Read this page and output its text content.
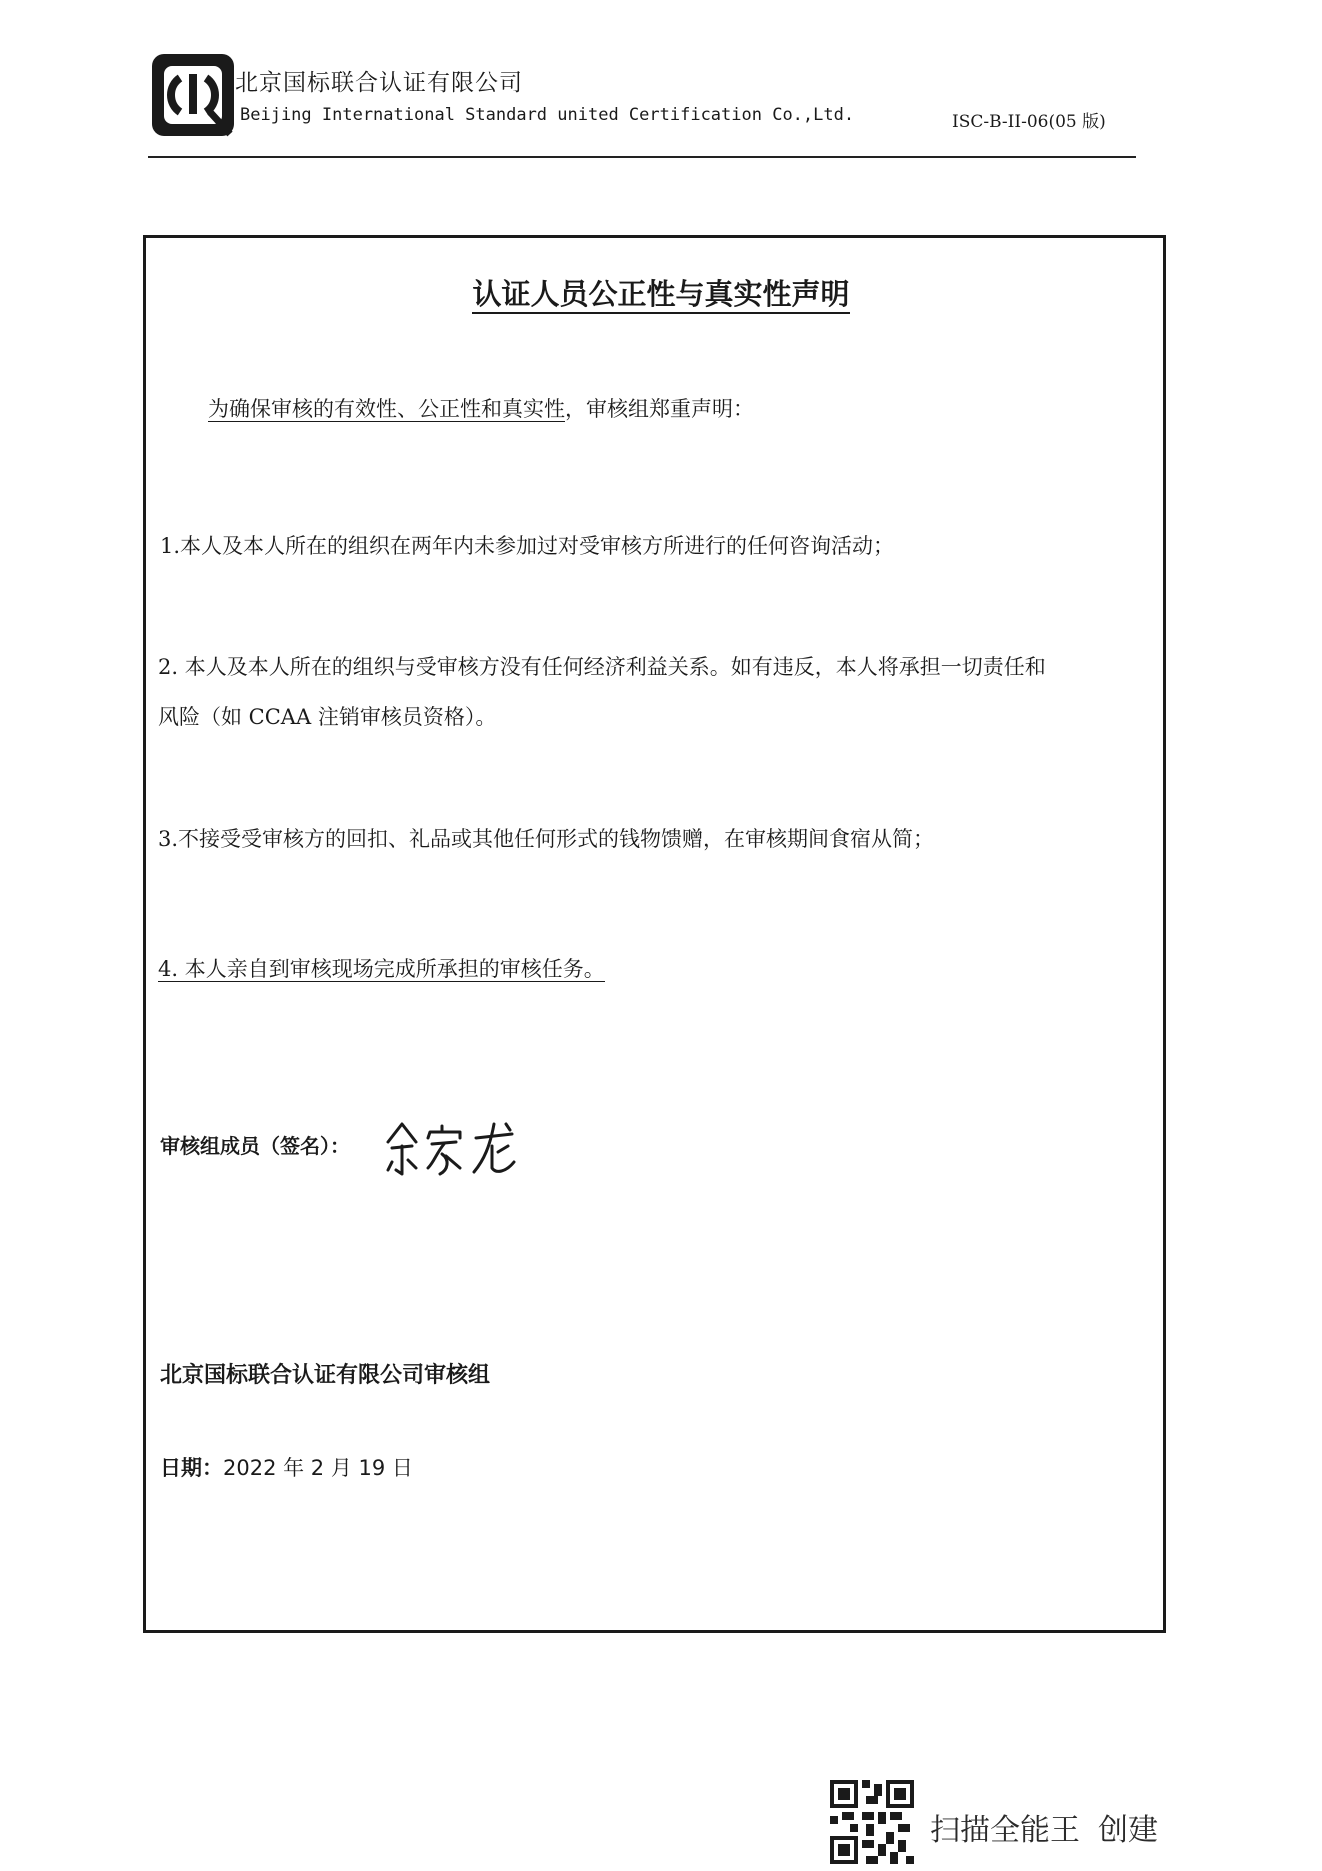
北京国标联合认证有限公司
Beijing International Standard united Certification Co.,Ltd.	ISC-B-II-06(05 版)
认证人员公正性与真实性声明
为确保审核的有效性、公正性和真实性，审核组郑重声明：
1.本人及本人所在的组织在两年内未参加过对受审核方所进行的任何咨询活动；
2. 本人及本人所在的组织与受审核方没有任何经济利益关系。如有违反，本人将承担一切责任和
风险（如 CCAA 注销审核员资格）。
3.不接受受审核方的回扣、礼品或其他任何形式的钱物馈赠，在审核期间食宿从简；
4. 本人亲自到审核现场完成所承担的审核任务。
审核组成员（签名）：
北京国标联合认证有限公司审核组
日期：2022 年 2 月 19 日
扫描全能王 创建
